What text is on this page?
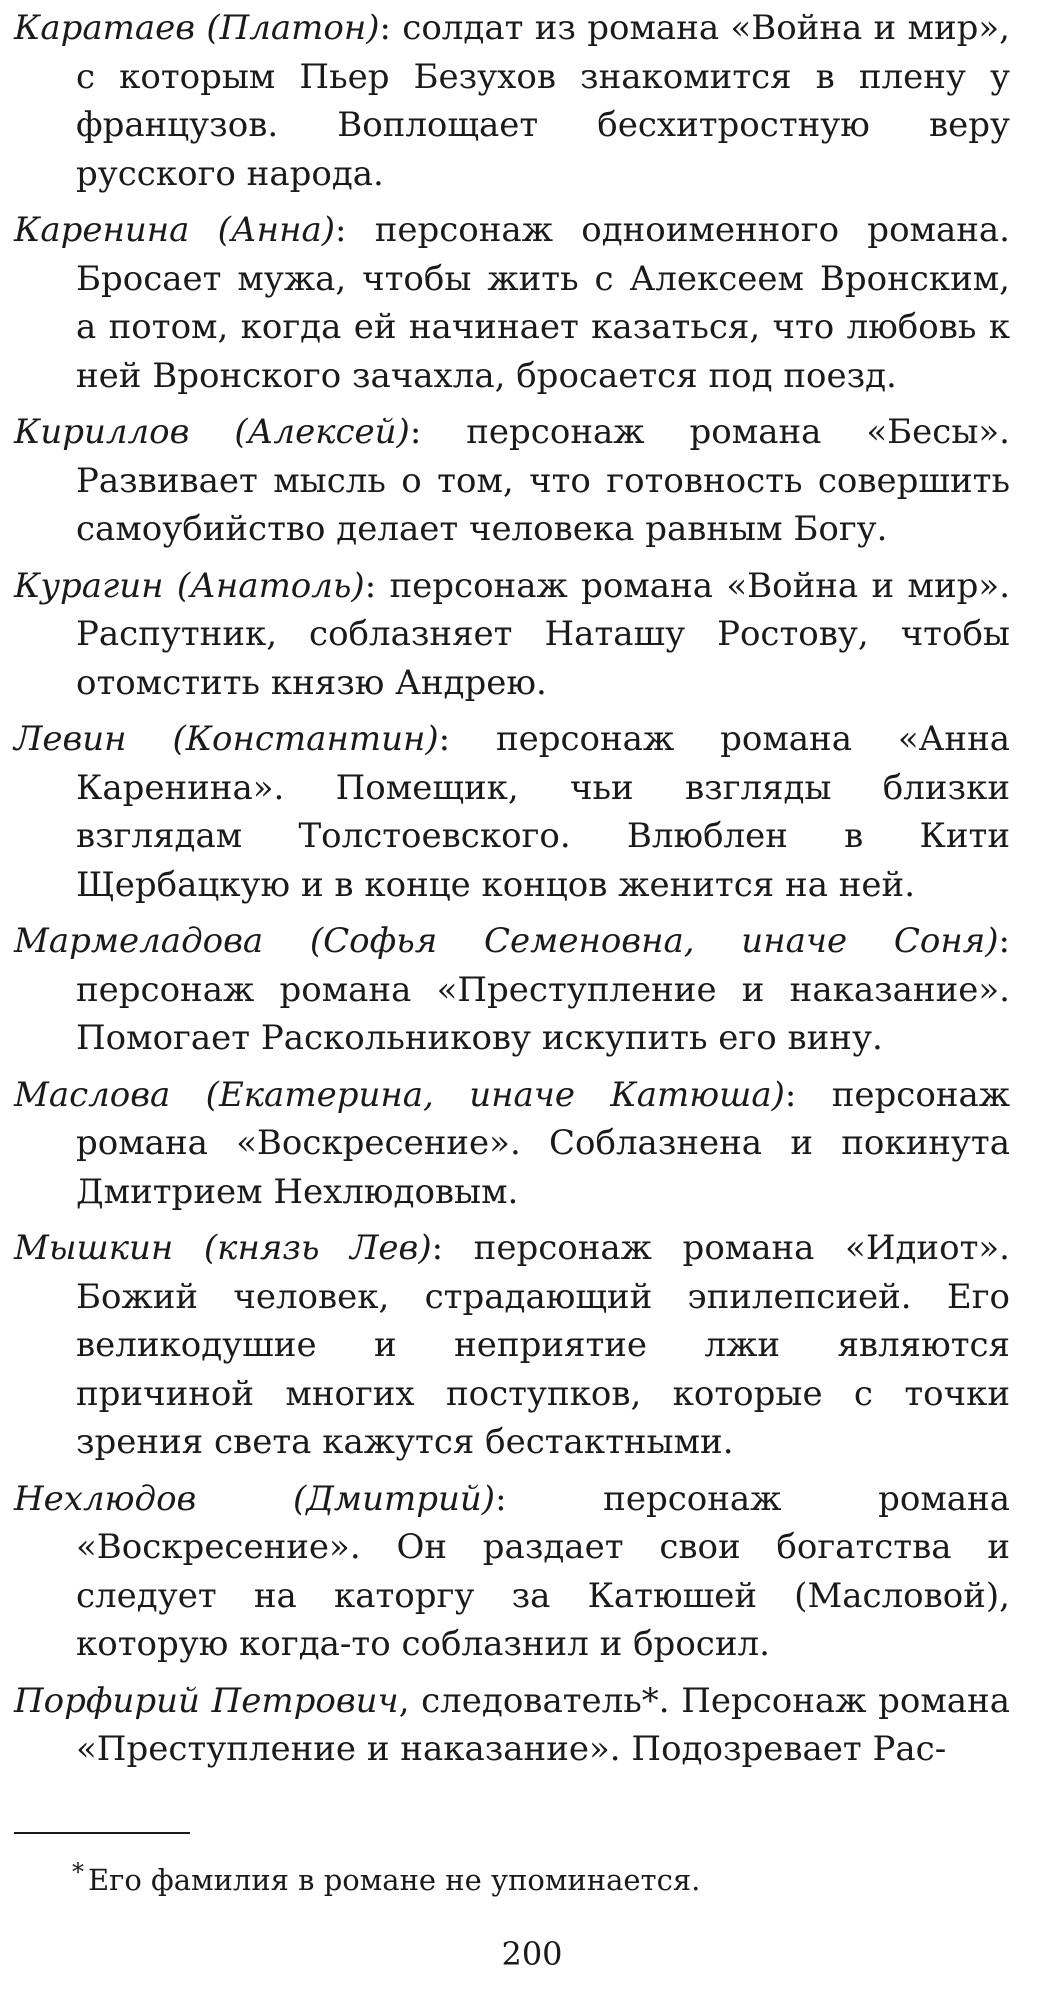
Каратаев (Платон): солдат из романа «Война и мир», с которым Пьер Безухов знакомится в плену у французов. Воплощает бесхитростную веру русского народа.

Каренина (Анна): персонаж одноименного романа. Бросает мужа, чтобы жить с Алексеем Вронским, а потом, когда ей начинает казаться, что любовь к ней Вронского зачахла, бросается под поезд.

Кириллов (Алексей): персонаж романа «Бесы». Развивает мысль о том, что готовность совершить самоубийство делает человека равным Богу.

Курагин (Анатоль): персонаж романа «Война и мир». Распутник, соблазняет Наташу Ростову, чтобы отомстить князю Андрею.

Левин (Константин): персонаж романа «Анна Каренина». Помещик, чьи взгляды близки взглядам Толстоевского. Влюблен в Кити Щербацкую и в конце концов женится на ней.

Мармеладова (Софья Семеновна, иначе Соня): персонаж романа «Преступление и наказание». Помогает Раскольникову искупить его вину.

Маслова (Екатерина, иначе Катюша): персонаж романа «Воскресение». Соблазнена и покинута Дмитрием Нехлюдовым.

Мышкин (князь Лев): персонаж романа «Идиот». Божий человек, страдающий эпилепсией. Его великодушие и неприятие лжи являются причиной многих поступков, которые с точки зрения света кажутся бестактными.

Нехлюдов (Дмитрий): персонаж романа «Воскресение». Он раздает свои богатства и следует на каторгу за Катюшей (Масловой), которую когда-то соблазнил и бросил.

Порфирий Петрович, следователь*. Персонаж романа «Преступление и наказание». Подозревает Рас-

* Его фамилия в романе не упоминается.
200
